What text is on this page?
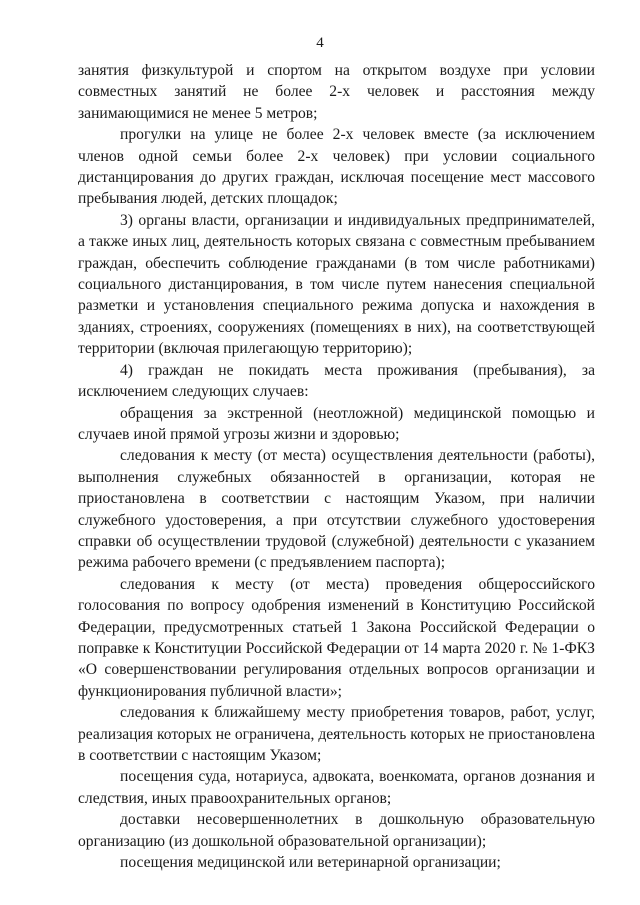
4

занятия физкультурой и спортом на открытом воздухе при условии совместных занятий не более 2-х человек и расстояния между занимающимися не менее 5 метров;

прогулки на улице не более 2-х человек вместе (за исключением членов одной семьи более 2-х человек) при условии социального дистанцирования до других граждан, исключая посещение мест массового пребывания людей, детских площадок;

3) органы власти, организации и индивидуальных предпринимателей, а также иных лиц, деятельность которых связана с совместным пребыванием граждан, обеспечить соблюдение гражданами (в том числе работниками) социального дистанцирования, в том числе путем нанесения специальной разметки и установления специального режима допуска и нахождения в зданиях, строениях, сооружениях (помещениях в них), на соответствующей территории (включая прилегающую территорию);

4) граждан не покидать места проживания (пребывания), за исключением следующих случаев:

обращения за экстренной (неотложной) медицинской помощью и случаев иной прямой угрозы жизни и здоровью;

следования к месту (от места) осуществления деятельности (работы), выполнения служебных обязанностей в организации, которая не приостановлена в соответствии с настоящим Указом, при наличии служебного удостоверения, а при отсутствии служебного удостоверения справки об осуществлении трудовой (служебной) деятельности с указанием режима рабочего времени (с предъявлением паспорта);

следования к месту (от места) проведения общероссийского голосования по вопросу одобрения изменений в Конституцию Российской Федерации, предусмотренных статьей 1 Закона Российской Федерации о поправке к Конституции Российской Федерации от 14 марта 2020 г. № 1-ФКЗ «О совершенствовании регулирования отдельных вопросов организации и функционирования публичной власти»;

следования к ближайшему месту приобретения товаров, работ, услуг, реализация которых не ограничена, деятельность которых не приостановлена в соответствии с настоящим Указом;

посещения суда, нотариуса, адвоката, военкомата, органов дознания и следствия, иных правоохранительных органов;

доставки несовершеннолетних в дошкольную образовательную организацию (из дошкольной образовательной организации);

посещения медицинской или ветеринарной организации;
